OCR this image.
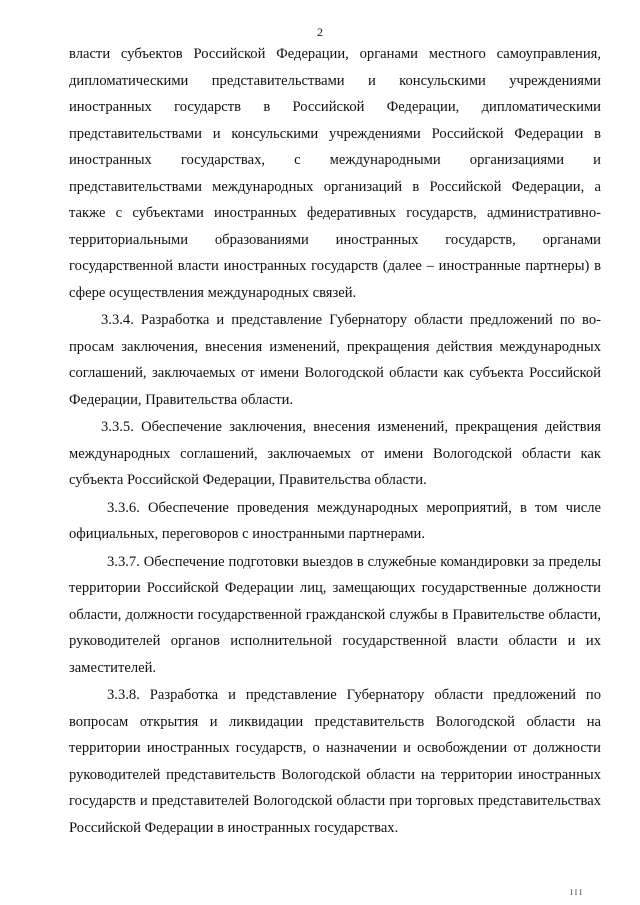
2

власти субъектов Российской Федерации, органами местного самоуправления, дипломатическими представительствами и консульскими учреждениями иностранных государств в Российской Федерации, дипломатическими представительствами и консульскими учреждениями Российской Федерации в иностранных государствах, с международными организациями и представительствами международных организаций в Российской Федерации, а также с субъектами иностранных федеративных государств, административно-территориальными образованиями иностранных государств, органами государственной власти иностранных государств (далее – иностранные партнеры) в сфере осуществления международных связей.

3.3.4. Разработка и представление Губернатору области предложений по вопросам заключения, внесения изменений, прекращения действия международных соглашений, заключаемых от имени Вологодской области как субъекта Российской Федерации, Правительства области.

3.3.5. Обеспечение заключения, внесения изменений, прекращения действия международных соглашений, заключаемых от имени Вологодской области как субъекта Российской Федерации, Правительства области.

3.3.6. Обеспечение проведения международных мероприятий, в том числе официальных, переговоров с иностранными партнерами.

3.3.7. Обеспечение подготовки выездов в служебные командировки за пределы территории Российской Федерации лиц, замещающих государственные должности области, должности государственной гражданской службы в Правительстве области, руководителей органов исполнительной государственной власти области и их заместителей.

3.3.8. Разработка и представление Губернатору области предложений по вопросам открытия и ликвидации представительств Вологодской области на территории иностранных государств, о назначении и освобождении от должности руководителей представительств Вологодской области на территории иностранных государств и представителей Вологодской области при торговых представительствах Российской Федерации в иностранных государствах.

III
